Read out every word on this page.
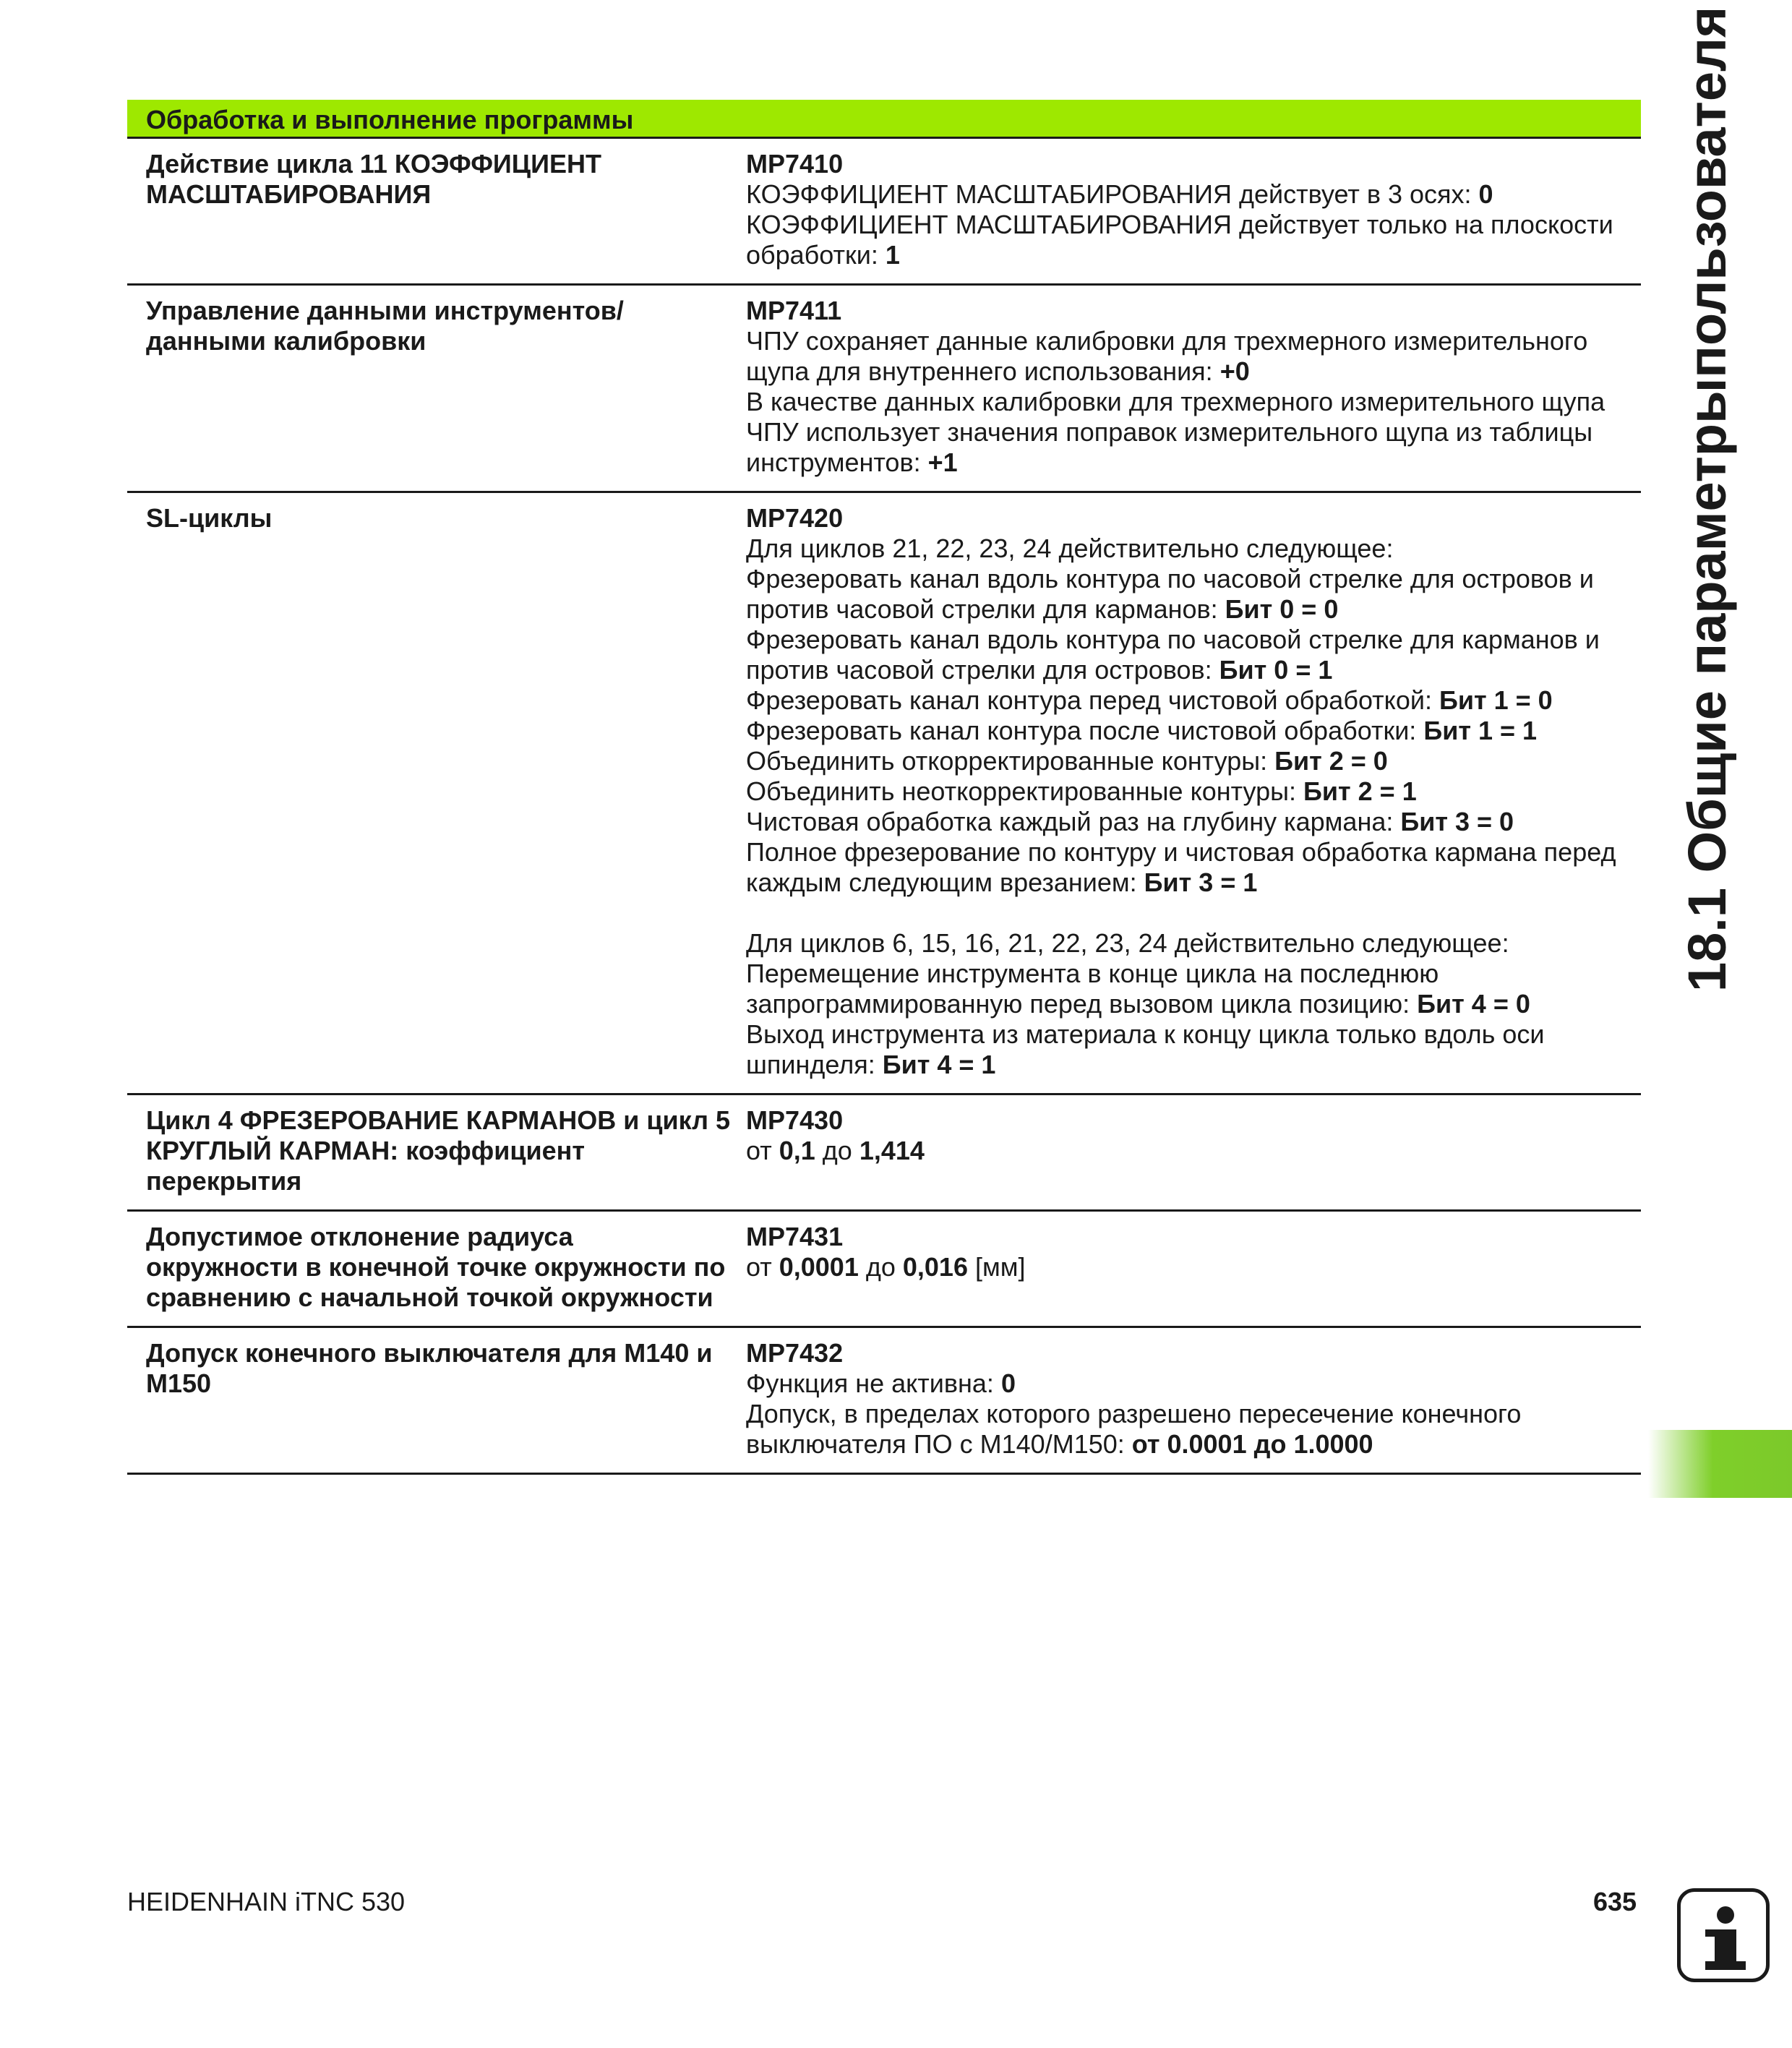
Обработка и выполнение программы
Действие цикла 11 КОЭФФИЦИЕНТ МАСШТАБИРОВАНИЯ
MP7410
КОЭФФИЦИЕНТ МАСШТАБИРОВАНИЯ действует в 3 осях: 0
КОЭФФИЦИЕНТ МАСШТАБИРОВАНИЯ действует только на плоскости обработки: 1
Управление данными инструментов/данными калибровки
MP7411
ЧПУ сохраняет данные калибровки для трехмерного измерительного щупа для внутреннего использования: +0
В качестве данных калибровки для трехмерного измерительного щупа ЧПУ использует значения поправок измерительного щупа из таблицы инструментов: +1
SL-циклы	MP7420
Для циклов 21, 22, 23, 24 действительно следующее:
Фрезеровать канал вдоль контура по часовой стрелке для островов и против часовой стрелки для карманов: Бит 0 = 0
Фрезеровать канал вдоль контура по часовой стрелке для карманов и против часовой стрелки для островов: Бит 0 = 1
Фрезеровать канал контура перед чистовой обработкой: Бит 1 = 0
Фрезеровать канал контура после чистовой обработки: Бит 1 = 1
Объединить откорректированные контуры: Бит 2 = 0
Объединить неоткорректированные контуры: Бит 2 = 1
Чистовая обработка каждый раз на глубину кармана: Бит 3 = 0
Полное фрезерование по контуру и чистовая обработка кармана перед каждым следующим врезанием: Бит 3 = 1
Для циклов 6, 15, 16, 21, 22, 23, 24 действительно следующее:
Перемещение инструмента в конце цикла на последнюю запрограммированную перед вызовом цикла позицию: Бит 4 = 0
Выход инструмента из материала к концу цикла только вдоль оси шпинделя: Бит 4 = 1
Цикл 4 ФРЕЗЕРОВАНИЕ КАРМАНОВ и цикл 5 КРУГЛЫЙ КАРМАН: коэффициент перекрытия
MP7430
от 0,1 до 1,414
Допустимое отклонение радиуса окружности в конечной точке окружности по сравнению с начальной точкой окружности
MP7431
от 0,0001 до 0,016 [мм]
Допуск конечного выключателя для M140 и M150
MP7432
Функция не активна: 0
Допуск, в пределах которого разрешено пересечение конечного выключателя ПО с M140/M150: от 0.0001 до 1.0000
18.1 Общие параметрыпользователя
HEIDENHAIN iTNC 530	635
